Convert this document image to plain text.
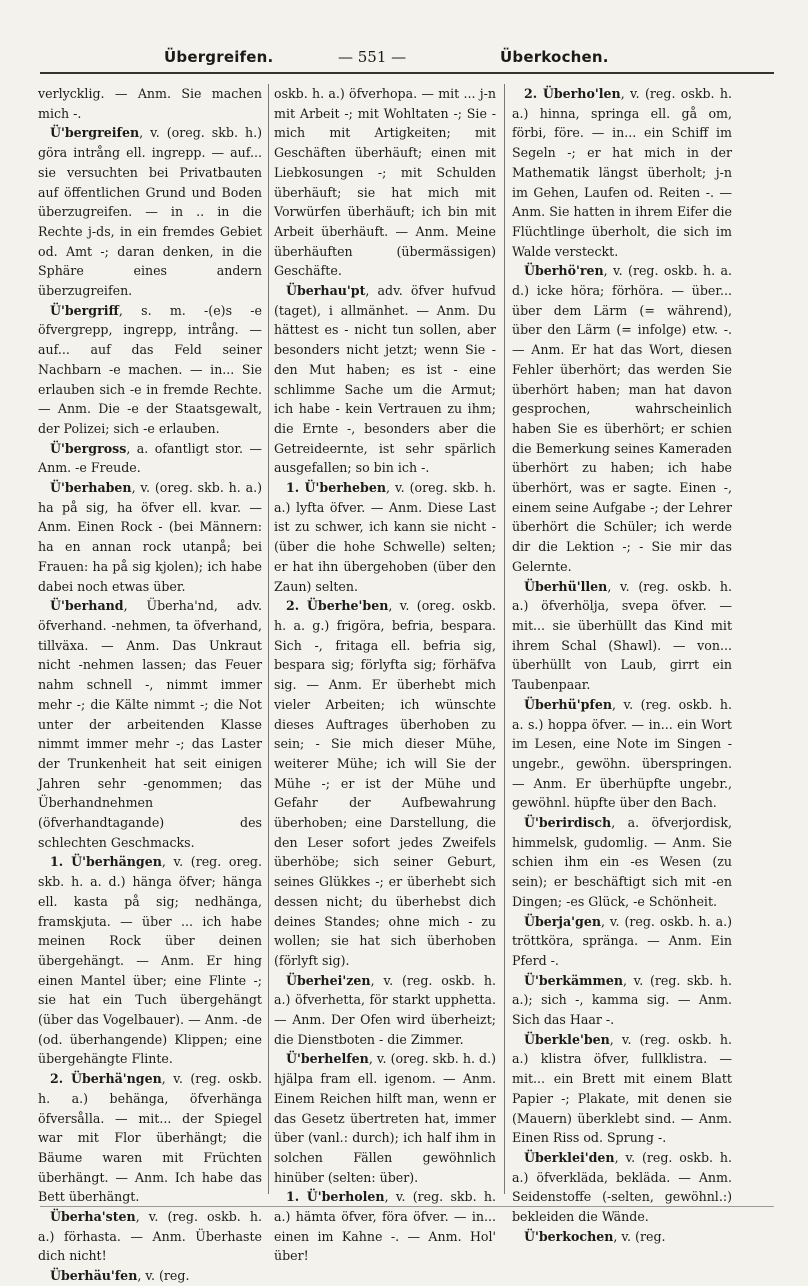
Übergreifen.	— 551 —	Überkochen.

verlycklig. — Anm. Sie machen mich -.

Ü'bergreifen, v. (oreg. skb. h.) göra intrång ell. ingrepp. — auf... sie versuchten bei Privatbauten auf öffentlichen Grund und Boden überzugreifen. — in .. in die Rechte j-ds, in ein fremdes Gebiet od. Amt -; daran denken, in die Sphäre eines andern überzugreifen.

Ü'bergriff, s. m. -(e)s -e öfvergrepp, ingrepp, intrång. — auf... auf das Feld seiner Nachbarn -e machen. — in... Sie erlauben sich -e in fremde Rechte. — Anm. Die -e der Staatsgewalt, der Polizei; sich -e erlauben.

Ü'bergross, a. ofantligt stor. — Anm. -e Freude.

Ü'berhaben, v. (oreg. skb. h. a.) ha på sig, ha öfver ell. kvar. — Anm. Einen Rock - (bei Männern: ha en annan rock utanpå; bei Frauen: ha på sig kjolen); ich habe dabei noch etwas über.

Ü'berhand, Überha'nd, adv. öfverhand. -nehmen, ta öfverhand, tillväxa. — Anm. Das Unkraut nicht -nehmen lassen; das Feuer nahm schnell -, nimmt immer mehr -; die Kälte nimmt -; die Not unter der arbeitenden Klasse nimmt immer mehr -; das Laster der Trunkenheit hat seit einigen Jahren sehr -genommen; das Überhandnehmen (öfverhandtagande) des schlechten Geschmacks.

1. Ü'berhängen, v. (reg. oreg. skb. h. a. d.) hänga öfver; hänga ell. kasta på sig; nedhänga, framskjuta. — über ... ich habe meinen Rock über deinen übergehängt. — Anm. Er hing einen Mantel über; eine Flinte -; sie hat ein Tuch übergehängt (über das Vogelbauer). — Anm. -de (od. überhangende) Klippen; eine übergehängte Flinte.

2. Überhä'ngen, v. (reg. oskb. h. a.) behänga, öfverhänga öfversålla. — mit... der Spiegel war mit Flor überhängt; die Bäume waren mit Früchten überhängt. — Anm. Ich habe das Bett überhängt.

Überha'sten, v. (reg. oskb. h. a.) förhasta. — Anm. Überhaste dich nicht!

Überhäu'fen, v. (reg.

oskb. h. a.) öfverhopa. — mit ... j-n mit Arbeit -; mit Wohltaten -; Sie - mich mit Artigkeiten; mit Geschäften überhäuft; einen mit Liebkosungen -; mit Schulden überhäuft; sie hat mich mit Vorwürfen überhäuft; ich bin mit Arbeit überhäuft. — Anm. Meine überhäuften (übermässigen) Geschäfte.

Überhau'pt, adv. öfver hufvud (taget), i allmänhet. — Anm. Du hättest es - nicht tun sollen, aber besonders nicht jetzt; wenn Sie - den Mut haben; es ist - eine schlimme Sache um die Armut; ich habe - kein Vertrauen zu ihm; die Ernte -, besonders aber die Getreideernte, ist sehr spärlich ausgefallen; so bin ich -.

1. Ü'berheben, v. (oreg. skb. h. a.) lyfta öfver. — Anm. Diese Last ist zu schwer, ich kann sie nicht - (über die hohe Schwelle) selten; er hat ihn übergehoben (über den Zaun) selten.

2. Überhe'ben, v. (oreg. oskb. h. a. g.) frigöra, befria, bespara. Sich -, fritaga ell. befria sig, bespara sig; förlyfta sig; förhäfva sig. — Anm. Er überhebt mich vieler Arbeiten; ich wünschte dieses Auftrages überhoben zu sein; - Sie mich dieser Mühe, weiterer Mühe; ich will Sie der Mühe -; er ist der Mühe und Gefahr der Aufbewahrung überhoben; eine Darstellung, die den Leser sofort jedes Zweifels überhöbe; sich seiner Geburt, seines Glükkes -; er überhebt sich dessen nicht; du überhebst dich deines Standes; ohne mich - zu wollen; sie hat sich überhoben (förlyft sig).

Überhei'zen, v. (reg. oskb. h. a.) öfverhetta, för starkt upphetta. — Anm. Der Ofen wird überheizt; die Dienstboten - die Zimmer.

Ü'berhelfen, v. (oreg. skb. h. d.) hjälpa fram ell. igenom. — Anm. Einem Reichen hilft man, wenn er das Gesetz übertreten hat, immer über (vanl.: durch); ich half ihm in solchen Fällen gewöhnlich hinüber (selten: über).

1. Ü'berholen, v. (reg. skb. h. a.) hämta öfver, föra öfver. — in... einen im Kahne -. — Anm. Hol' über!

2. Überho'len, v. (reg. oskb. h. a.) hinna, springa ell. gå om, förbi, före. — in... ein Schiff im Segeln -; er hat mich in der Mathematik längst überholt; j-n im Gehen, Laufen od. Reiten -. — Anm. Sie hatten in ihrem Eifer die Flüchtlinge überholt, die sich im Walde versteckt.

Überhö'ren, v. (reg. oskb. h. a. d.) icke höra; förhöra. — über... über dem Lärm (= während), über den Lärm (= infolge) etw. -. — Anm. Er hat das Wort, diesen Fehler überhört; das werden Sie überhört haben; man hat davon gesprochen, wahrscheinlich haben Sie es überhört; er schien die Bemerkung seines Kameraden überhört zu haben; ich habe überhört, was er sagte. Einen -, einem seine Aufgabe -; der Lehrer überhört die Schüler; ich werde dir die Lektion -; - Sie mir das Gelernte.

Überhü'llen, v. (reg. oskb. h. a.) öfverhölja, svepa öfver. — mit... sie überhüllt das Kind mit ihrem Schal (Shawl). — von... überhüllt von Laub, girrt ein Taubenpaar.

Überhü'pfen, v. (reg. oskb. h. a. s.) hoppa öfver. — in... ein Wort im Lesen, eine Note im Singen - ungebr., gewöhn. überspringen. — Anm. Er überhüpfte ungebr., gewöhnl. hüpfte über den Bach.

Ü'berirdisch, a. öfverjordisk, himmelsk, gudomlig. — Anm. Sie schien ihm ein -es Wesen (zu sein); er beschäftigt sich mit -en Dingen; -es Glück, -e Schönheit.

Überja'gen, v. (reg. oskb. h. a.) tröttköra, spränga. — Anm. Ein Pferd -.

Ü'berkämmen, v. (reg. skb. h. a.); sich -, kamma sig. — Anm. Sich das Haar -.

Überkle'ben, v. (reg. oskb. h. a.) klistra öfver, fullklistra. — mit... ein Brett mit einem Blatt Papier -; Plakate, mit denen sie (Mauern) überklebt sind. — Anm. Einen Riss od. Sprung -.

Überklei'den, v. (reg. oskb. h. a.) öfverkläda, bekläda. — Anm. Seidenstoffe (-selten, gewöhnl.:) bekleiden die Wände.

Ü'berkochen, v. (reg.
